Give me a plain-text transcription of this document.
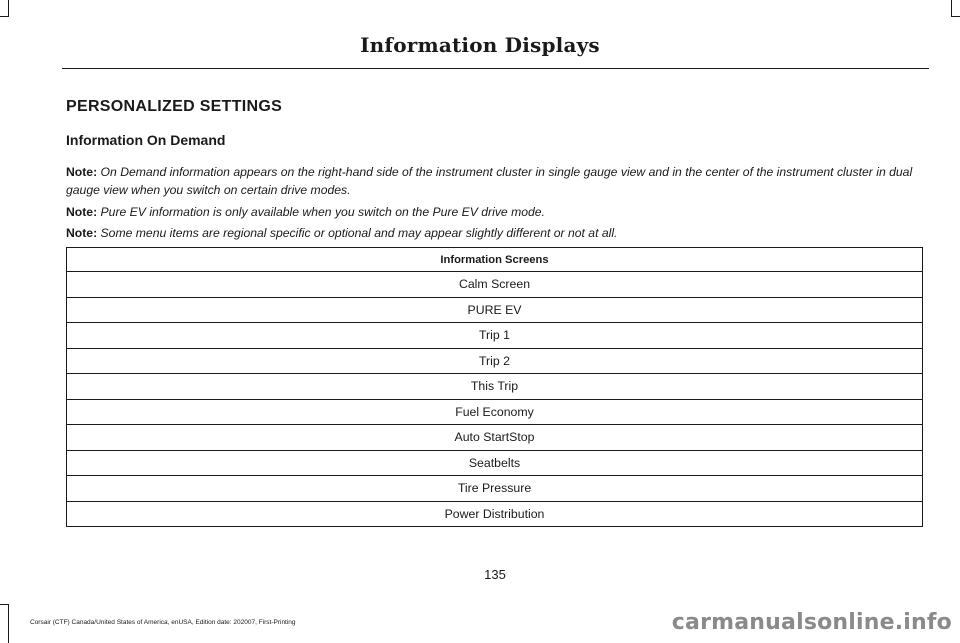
Information Displays
PERSONALIZED SETTINGS
Information On Demand
Note: On Demand information appears on the right-hand side of the instrument cluster in single gauge view and in the center of the instrument cluster in dual gauge view when you switch on certain drive modes.
Note: Pure EV information is only available when you switch on the Pure EV drive mode.
Note: Some menu items are regional specific or optional and may appear slightly different or not at all.
Information Screens
Calm Screen
PURE EV
Trip 1
Trip 2
This Trip
Fuel Economy
Auto StartStop
Seatbelts
Tire Pressure
Power Distribution
135
Corsair (CTF) Canada/United States of America, enUSA, Edition date: 202007, First-Printing	carmanualsonline.info
